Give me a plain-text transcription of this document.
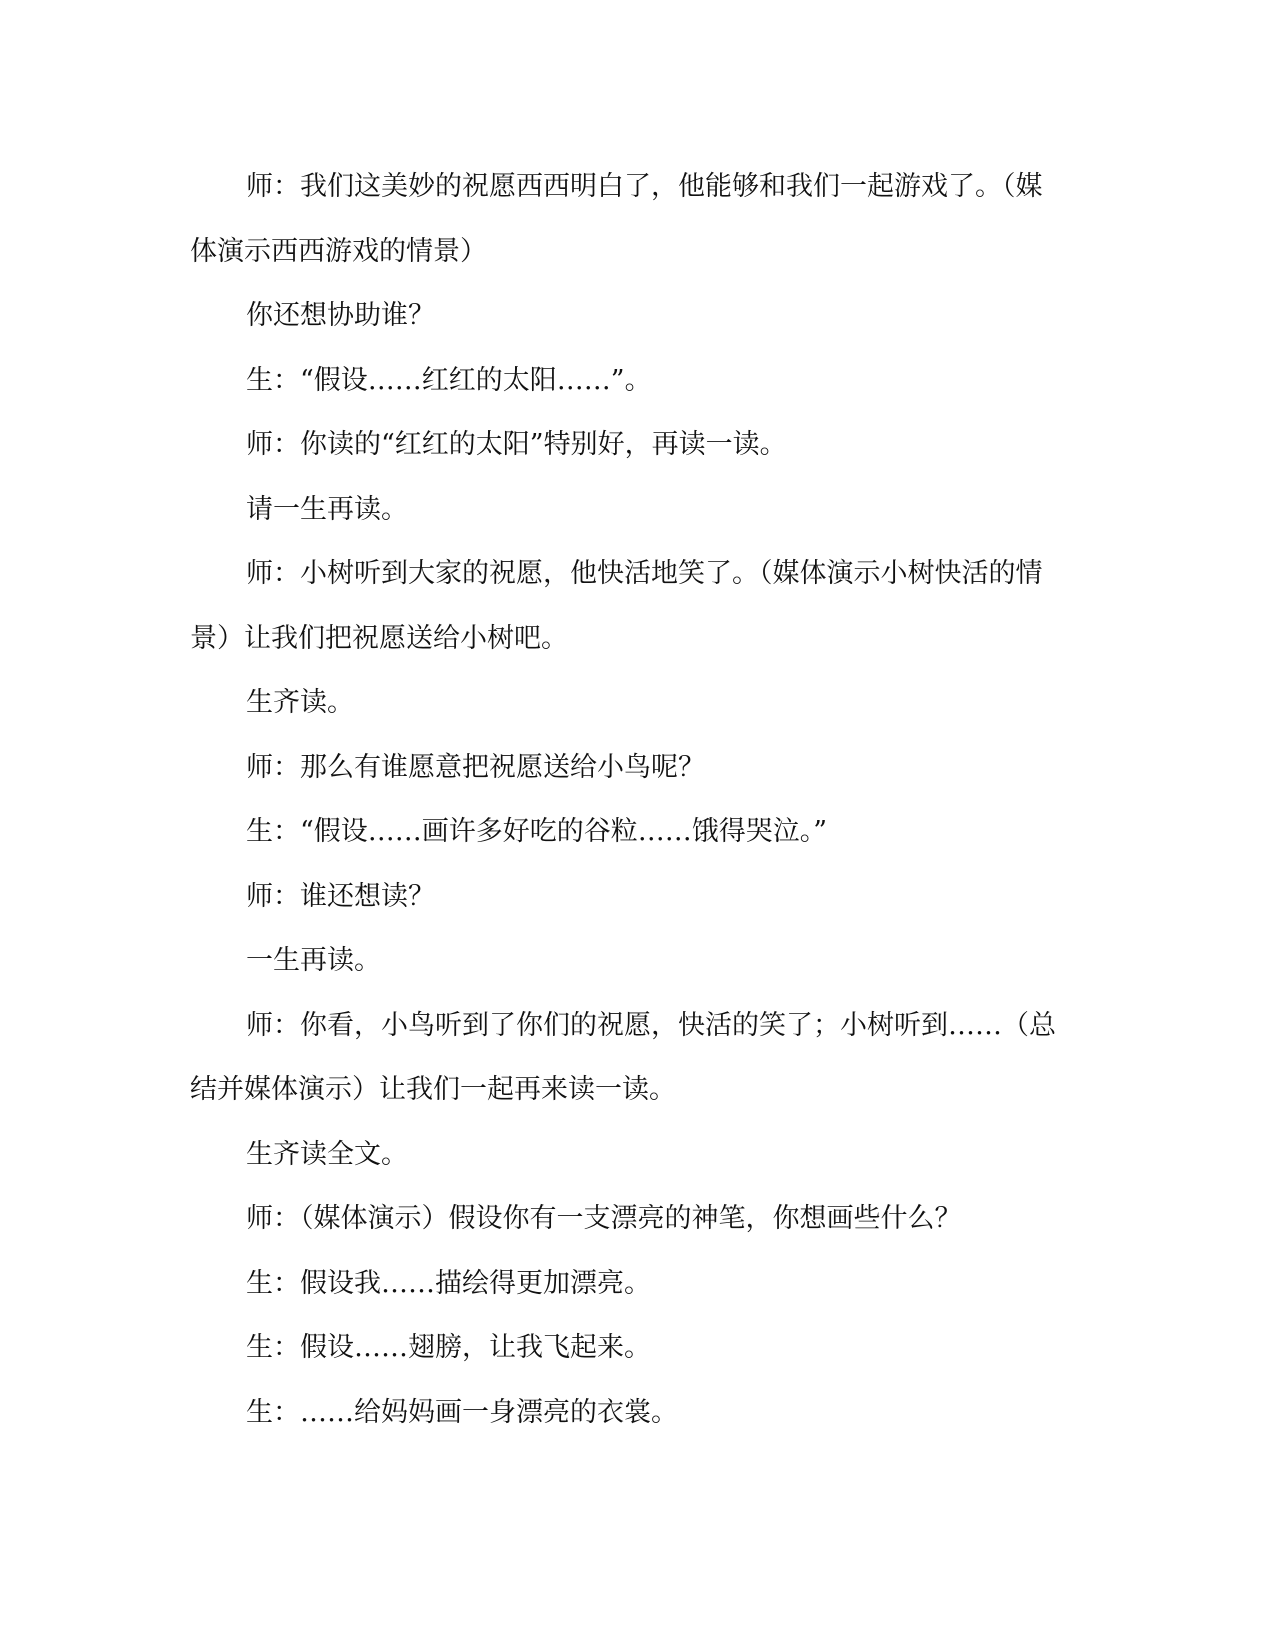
师：我们这美妙的祝愿西西明白了，他能够和我们一起游戏了。（媒体演示西西游戏的情景）

你还想协助谁？

生：“假设……红红的太阳……”。

师：你读的“红红的太阳”特别好，再读一读。

请一生再读。

师：小树听到大家的祝愿，他快活地笑了。（媒体演示小树快活的情景）让我们把祝愿送给小树吧。

生齐读。

师：那么有谁愿意把祝愿送给小鸟呢？

生：“假设……画许多好吃的谷粒……饿得哭泣。”

师：谁还想读？

一生再读。

师：你看，小鸟听到了你们的祝愿，快活的笑了；小树听到……（总结并媒体演示）让我们一起再来读一读。

生齐读全文。

师：（媒体演示）假设你有一支漂亮的神笔，你想画些什么？

生：假设我……描绘得更加漂亮。

生：假设……翅膀，让我飞起来。

生：……给妈妈画一身漂亮的衣裳。
